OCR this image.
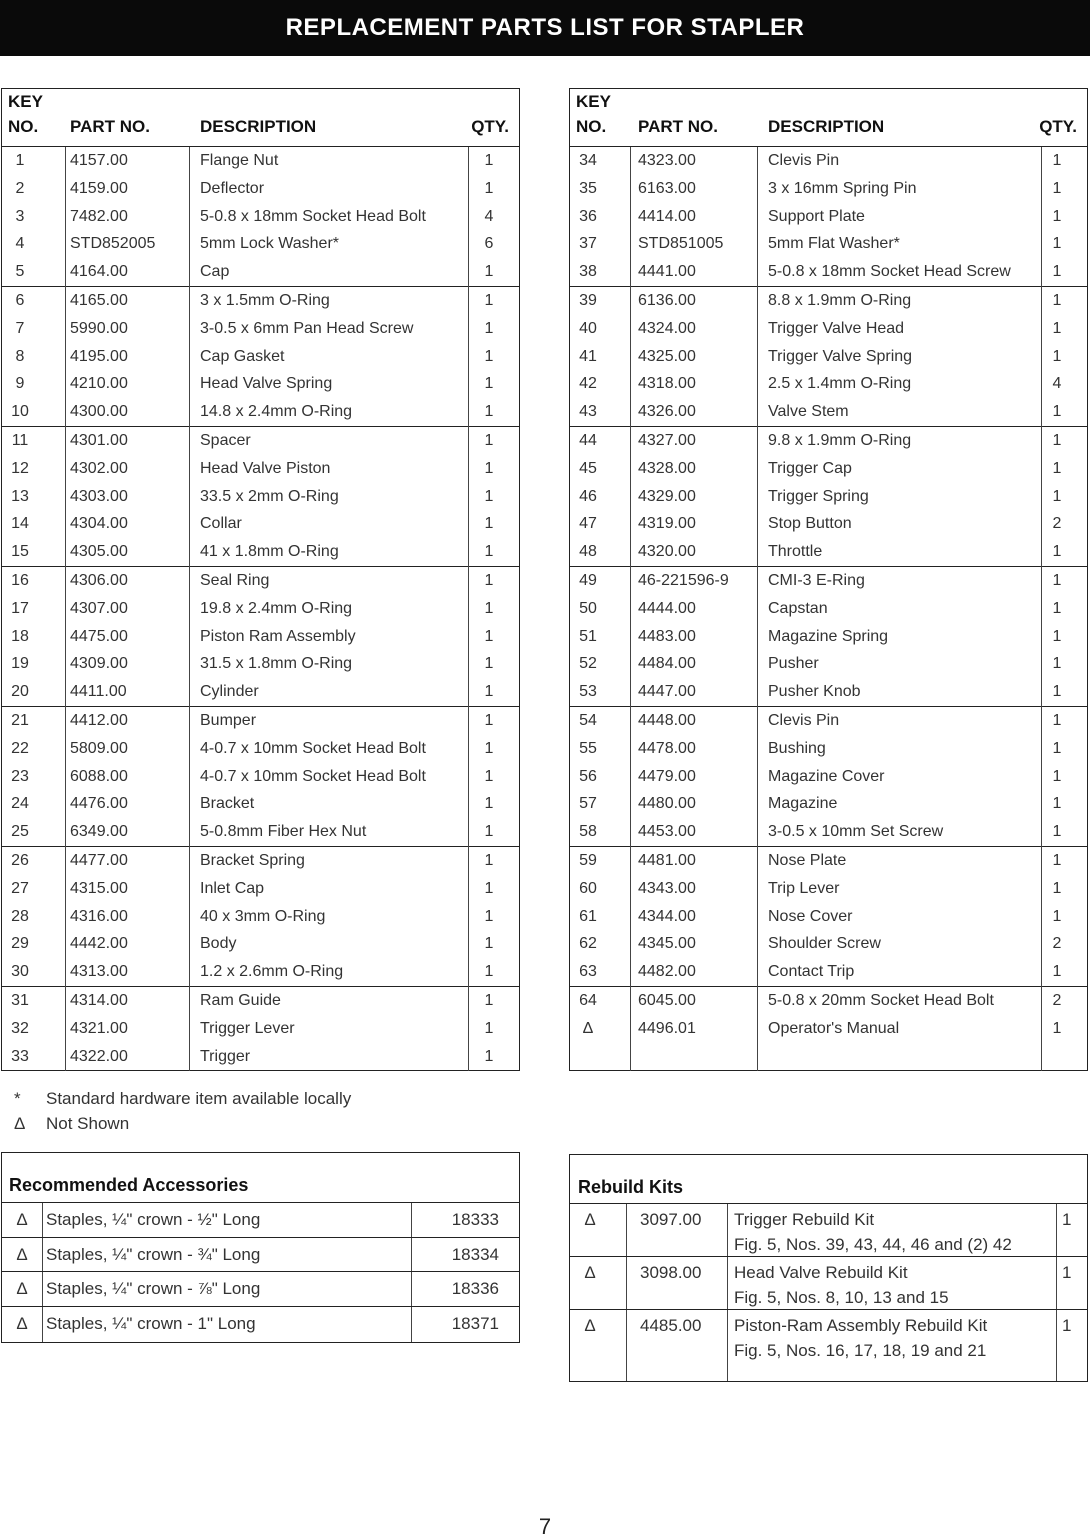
REPLACEMENT PARTS LIST FOR STAPLER
KEY
NO. PART NO.	DESCRIPTION	QTY.
1	4157.00	Flange Nut	1
2	4159.00	Deflector	1
3	7482.00	5-0.8 x 18mm Socket Head Bolt	4
4	STD852005	5mm Lock Washer*	6
5	4164.00	Cap	1
6	4165.00	3 x 1.5mm O-Ring	1
7	5990.00	3-0.5 x 6mm Pan Head Screw	1
8	4195.00	Cap Gasket	1
9	4210.00	Head Valve Spring	1
10	4300.00	14.8 x 2.4mm O-Ring	1
11	4301.00	Spacer	1
12	4302.00	Head Valve Piston	1
13	4303.00	33.5 x 2mm O-Ring	1
14	4304.00	Collar	1
15	4305.00	41 x 1.8mm O-Ring	1
16	4306.00	Seal Ring	1
17	4307.00	19.8 x 2.4mm O-Ring	1
18	4475.00	Piston Ram Assembly	1
19	4309.00	31.5 x 1.8mm O-Ring	1
20	4411.00	Cylinder	1
21	4412.00	Bumper	1
22	5809.00	4-0.7 x 10mm Socket Head Bolt	1
23	6088.00	4-0.7 x 10mm Socket Head Bolt	1
24	4476.00	Bracket	1
25	6349.00	5-0.8mm Fiber Hex Nut	1
26	4477.00	Bracket Spring	1
27	4315.00	Inlet Cap	1
28	4316.00	40 x 3mm O-Ring	1
29	4442.00	Body	1
30	4313.00	1.2 x 2.6mm O-Ring	1
31	4314.00	Ram Guide	1
32	4321.00	Trigger Lever	1
33	4322.00	Trigger	1
KEY
NO. PART NO.	DESCRIPTION	QTY.
34	4323.00	Clevis Pin	1
35	6163.00	3 x 16mm Spring Pin	1
36	4414.00	Support Plate	1
37	STD851005	5mm Flat Washer*	1
38	4441.00	5-0.8 x 18mm Socket Head Screw	1
39	6136.00	8.8 x 1.9mm O-Ring	1
40	4324.00	Trigger Valve Head	1
41	4325.00	Trigger Valve Spring	1
42	4318.00	2.5 x 1.4mm O-Ring	4
43	4326.00	Valve Stem	1
44	4327.00	9.8 x 1.9mm O-Ring	1
45	4328.00	Trigger Cap	1
46	4329.00	Trigger Spring	1
47	4319.00	Stop Button	2
48	4320.00	Throttle	1
49	46-221596-9 CMI-3 E-Ring	1
50	4444.00	Capstan	1
51	4483.00	Magazine Spring	1
52	4484.00	Pusher	1
53	4447.00	Pusher Knob	1
54	4448.00	Clevis Pin	1
55	4478.00	Bushing	1
56	4479.00	Magazine Cover	1
57	4480.00	Magazine	1
58	4453.00	3-0.5 x 10mm Set Screw	1
59	4481.00	Nose Plate	1
60	4343.00	Trip Lever	1
61	4344.00	Nose Cover	1
62	4345.00	Shoulder Screw	2
63	4482.00	Contact Trip	1
64	6045.00	5-0.8 x 20mm Socket Head Bolt	2
Δ	4496.01	Operator's Manual	1
* Standard hardware item available locally
Δ Not Shown
Recommended Accessories
Δ	Staples, ¼" crown - ½" Long	18333
Δ	Staples, ¼" crown - ¾" Long	18334
Δ	Staples, ¼" crown - ⅞" Long	18336
Δ	Staples, ¼" crown - 1" Long	18371
Rebuild Kits
Δ	3097.00 Trigger Rebuild Kit
Fig. 5, Nos. 39, 43, 44, 46 and (2) 42
1
Δ	3098.00 Head Valve Rebuild Kit
Fig. 5, Nos. 8, 10, 13 and 15
1
Δ	4485.00 Piston-Ram Assembly Rebuild Kit
Fig. 5, Nos. 16, 17, 18, 19 and 21
1
7
